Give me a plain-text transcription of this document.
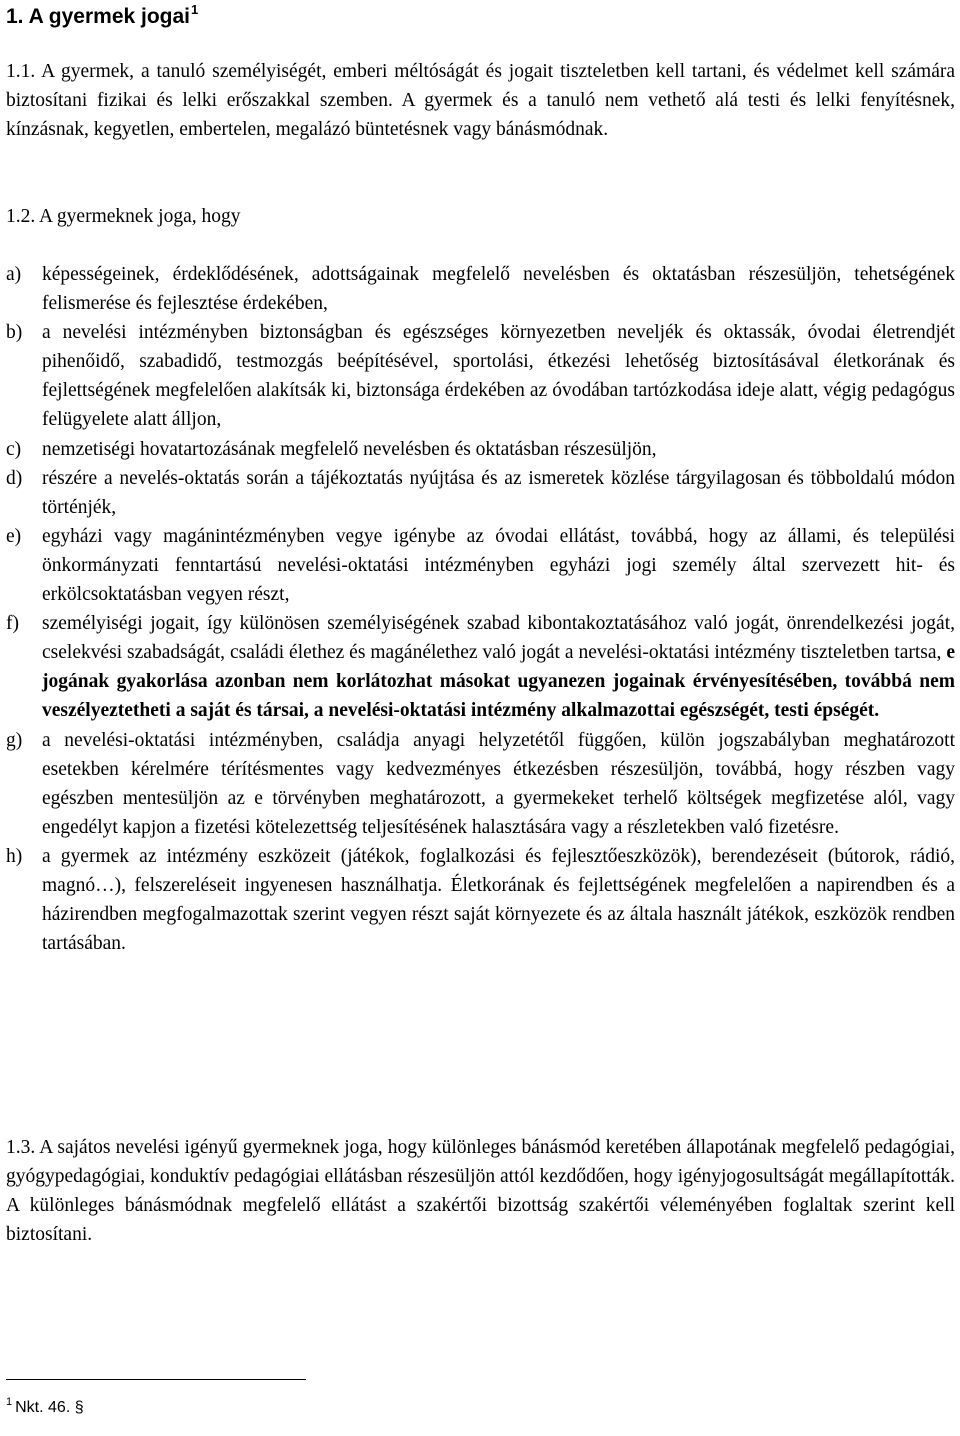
1. A gyermek jogai$^1$

1.1. A gyermek, a tanuló személyiségét, emberi méltóságát és jogait tiszteletben kell tartani, és védelmet kell számára biztosítani fizikai és lelki erőszakkal szemben. A gyermek és a tanuló nem vethető alá testi és lelki fenyítésnek, kínzásnak, kegyetlen, embertelen, megalázó büntetésnek vagy bánásmódnak.

1.2. A gyermeknek joga, hogy

a) képességeinek, érdeklődésének, adottságainak megfelelő nevelésben és oktatásban részesüljön, tehetségének felismerése és fejlesztése érdekében,
b) a nevelési intézményben biztonságban és egészséges környezetben neveljék és oktassák, óvodai életrendjét pihenőidő, szabadidő, testmozgás beépítésével, sportolási, étkezési lehetőség biztosításával életkorának és fejlettségének megfelelően alakítsák ki, biztonsága érdekében az óvodában tartózkodása ideje alatt, végig pedagógus felügyelete alatt álljon,
c) nemzetiségi hovatartozásának megfelelő nevelésben és oktatásban részesüljön,
d) részére a nevelés-oktatás során a tájékoztatás nyújtása és az ismeretek közlése tárgyilagosan és többoldalú módon történjék,
e) egyházi vagy magánintézményben vegye igénybe az óvodai ellátást, továbbá, hogy az állami, és települési önkormányzati fenntartású nevelési-oktatási intézményben egyházi jogi személy által szervezett hit- és erkölcsoktatásban vegyen részt,
f) személyiségi jogait, így különösen személyiségének szabad kibontakoztatásához való jogát, önrendelkezési jogát, cselekvési szabadságát, családi élethez és magánélethez való jogát a nevelési-oktatási intézmény tiszteletben tartsa, e jogának gyakorlása azonban nem korlátozhat másokat ugyanezen jogainak érvényesítésében, továbbá nem veszélyeztetheti a saját és társai, a nevelési-oktatási intézmény alkalmazottai egészségét, testi épségét.
g) a nevelési-oktatási intézményben, családja anyagi helyzetétől függően, külön jogszabályban meghatározott esetekben kérelmére térítésmentes vagy kedvezményes étkezésben részesüljön, továbbá, hogy részben vagy egészben mentesüljön az e törvényben meghatározott, a gyermekeket terhelő költségek megfizetése alól, vagy engedélyt kapjon a fizetési kötelezettség teljesítésének halasztására vagy a részletekben való fizetésre.
h) a gyermek az intézmény eszközeit (játékok, foglalkozási és fejlesztőeszközök), berendezéseit (bútorok, rádió, magnó…), felszereléseit ingyenesen használhatja. Életkorának és fejlettségének megfelelően a napirendben és a házirendben megfogalmazottak szerint vegyen részt saját környezete és az általa használt játékok, eszközök rendben tartásában.

1.3. A sajátos nevelési igényű gyermeknek joga, hogy különleges bánásmód keretében állapotának megfelelő pedagógiai, gyógypedagógiai, konduktív pedagógiai ellátásban részesüljön attól kezdődően, hogy igényjogosultságát megállapították. A különleges bánásmódnak megfelelő ellátást a szakértői bizottság szakértői véleményében foglaltak szerint kell biztosítani.

$^1$ Nkt. 46. §
